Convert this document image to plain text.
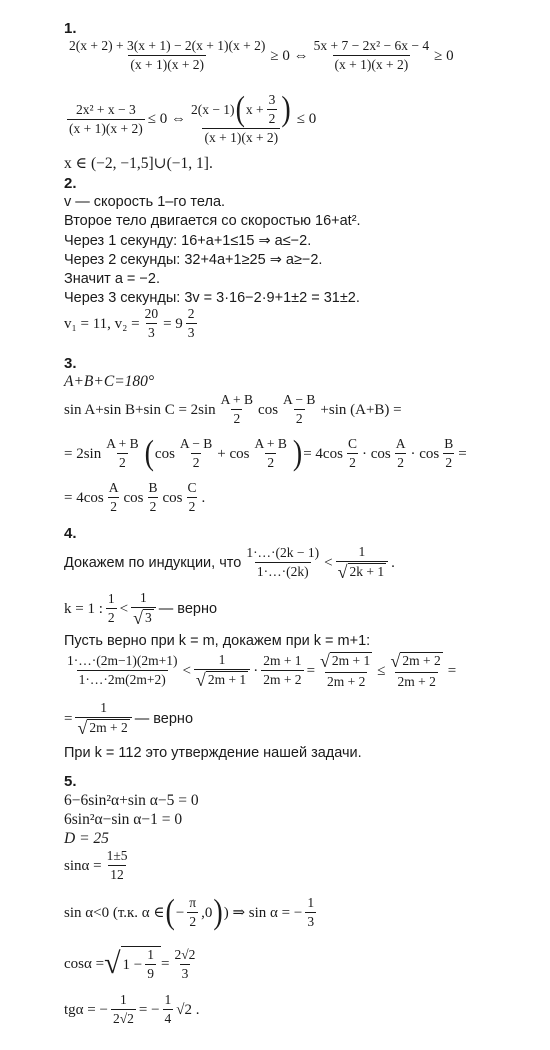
1.
$\frac{2(x + 2) + 3(x + 1) - 2(x + 1)(x + 2)}{(x + 1)(x + 2)} \ge 0$ ⇔ $\frac{\text{5x + 7 − 2x² − 6x − 4}}{(x + 1)(x + 2)} \ge 0$
$\frac{\text{2x² + x − 3}}{(x + 1)(x + 2)} \le 0$ ⇔ $\frac{2(x - 1) ( x + \frac{3}{2} )}{(x + 1)(x + 2)} \le 0$
x ∈ (−2, −1,5]∪(−1, 1].
2.
v — скорость 1–го тела.
Второе тело двигается со скоростью 16+at².
Через 1 секунду: 16+a+1≤15 ⇒ a≤−2.
Через 2 секунды: 32+4a+1≥25 ⇒ a≥−2.
Значит a = −2.
Через 3 секунды: 3v = 3·16−2·9+1±2 = 31±2.
v₁ = 11, $v_2 = \frac{20}{3} = 9 \frac{2}{3}$
3.
A+B+C=180°
sin A+sin B+sin $C = 2\sin \frac{A + B}{2}$ $\cos \frac{A - B}{2} +\sin$ (A+B) =
= $2\sin \frac{A + B}{2}$ ( $\cos \frac{A - B}{2} + \cos \frac{A + B}{2}$ ) = $4\cos \frac{C}{2} \cdot \cos \frac{A}{2} \cdot \cos \frac{B}{2}$ =
= $4\cos \frac{A}{2}$ $\cos \frac{B}{2}$ $\cos \frac{C}{2}$ .
4.
Докажем по индукции, что $\frac{1\cdot\dots\cdot(2k - 1)}{1\cdot\dots\cdot(2k)} < \frac{1}{√ 2k + 1}$ .
k = 1 : $\frac{1}{2} < \frac{1}{√ 3}$ — верно
Пусть верно при k = m, докажем при k = m+1:
$\frac{1\cdot\dots\cdot(2m-1)(2m+1)}{1\cdot\dots\cdot 2m(2m+2)} < \frac{1}{√ 2m + 1} \cdot \frac{2m + 1}{2m + 2} = \frac{√ 2m + 1}{2m + 2} \le \frac{√ 2m + 2}{2m + 2}$ =
= $\frac{1}{√ 2m + 2}$ — верно
При k = 112 это утверждение нашей задачи.
5.
6−6sin²α+sin α−5 = 0
6sin²α−sin α−1 = 0
D = 25
$\sin\alpha = \frac{1\pm 5}{12}$
sin α<0 (т.к. α ∈ ( − $\frac{\pi}{2} ,0$ ) ) ⇒ sin α = − $\frac{1}{3}$
cosα = √ $1 - \frac{1}{9} = \frac{2√2}{3}$
tgα = − $\frac{1}{2√2}$ = − $\frac{1}{4} √2$ .
